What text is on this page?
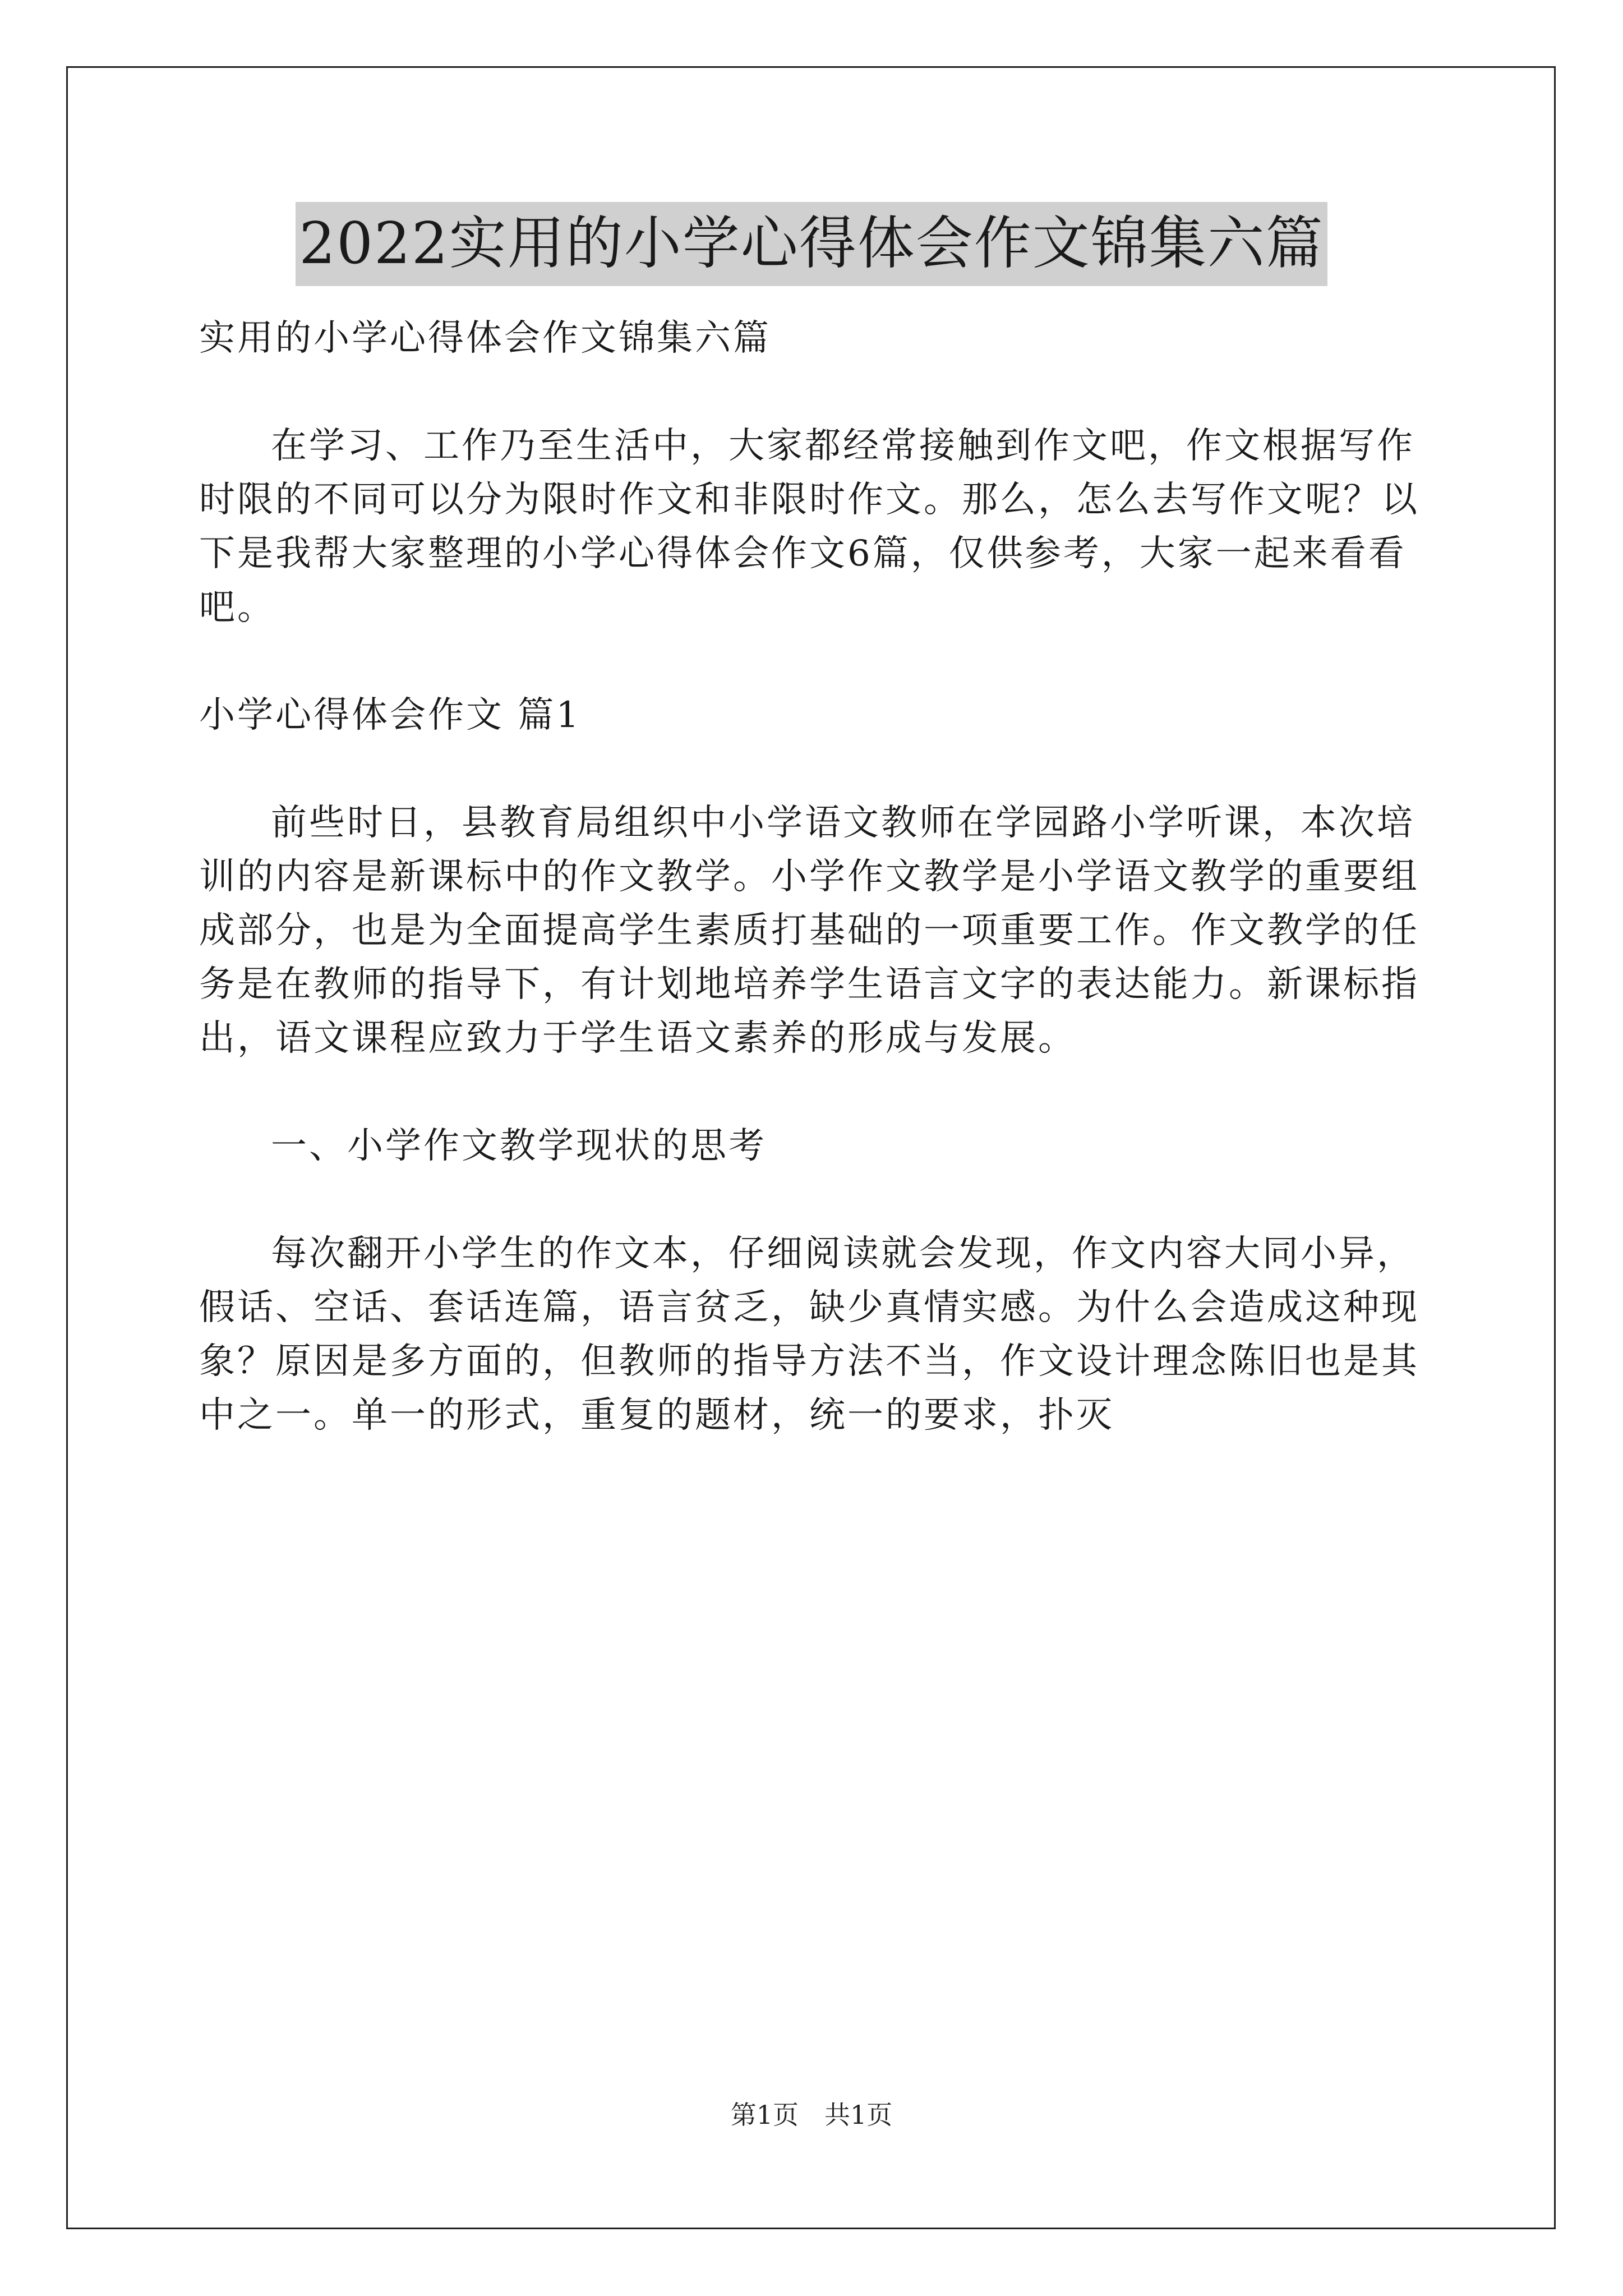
2022实用的小学心得体会作文锦集六篇

实用的小学心得体会作文锦集六篇

在学习、工作乃至生活中，大家都经常接触到作文吧，作文根据写作时限的不同可以分为限时作文和非限时作文。那么，怎么去写作文呢？以下是我帮大家整理的小学心得体会作文6篇，仅供参考，大家一起来看看吧。

小学心得体会作文 篇1

前些时日，县教育局组织中小学语文教师在学园路小学听课，本次培训的内容是新课标中的作文教学。小学作文教学是小学语文教学的重要组成部分，也是为全面提高学生素质打基础的一项重要工作。作文教学的任务是在教师的指导下，有计划地培养学生语言文字的表达能力。新课标指出，语文课程应致力于学生语文素养的形成与发展。

一、小学作文教学现状的思考

每次翻开小学生的作文本，仔细阅读就会发现，作文内容大同小异，假话、空话、套话连篇，语言贫乏，缺少真情实感。为什么会造成这种现象？原因是多方面的，但教师的指导方法不当，作文设计理念陈旧也是其中之一。单一的形式，重复的题材，统一的要求，扑灭

第1页　共1页
